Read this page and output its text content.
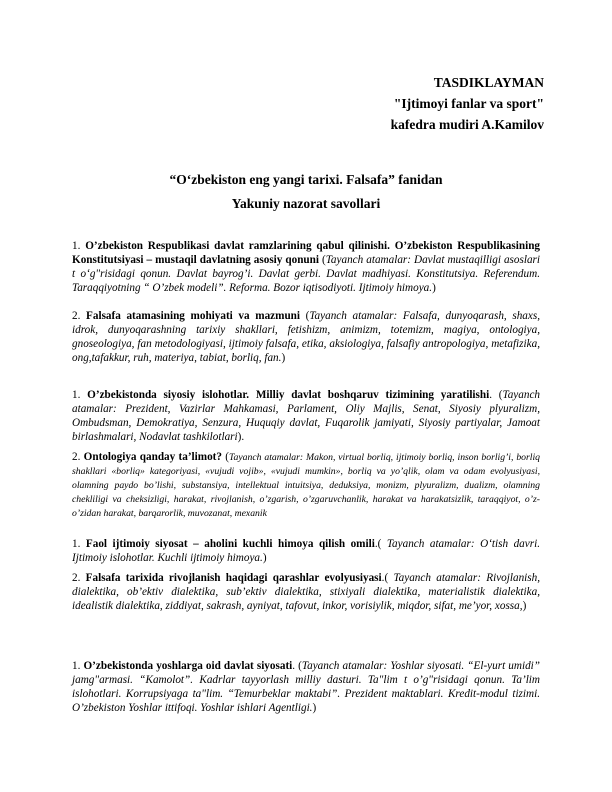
TASDIKLAYMAN
"Ijtimoyi fanlar va sport"
kafedra mudiri A.Kamilov
“O‘zbekiston eng yangi tarixi. Falsafa” fanidan
Yakuniy nazorat savollari
1. O’zbekiston Respublikasi davlat ramzlarining qabul qilinishi. O’zbekiston Respublikasining Konstitutsiyasi – mustaqil davlatning asosiy qonuni (Tayanch atamalar: Davlat mustaqilligi asoslari t o‘g"risidagi qonun. Davlat bayrog’i. Davlat gerbi. Davlat madhiyasi. Konstitutsiya. Referendum. Taraqqiyotning “ O’zbek modeli”. Reforma. Bozor iqtisodiyoti. Ijtimoiy himoya.)
2. Falsafa atamasining mohiyati va mazmuni (Tayanch atamalar: Falsafa, dunyoqarash, shaxs, idrok, dunyoqarashning tarixiy shakllari, fetishizm, animizm, totemizm, magiya, ontologiya, gnoseologiya, fan metodologiyasi, ijtimoiy falsafa, etika, aksiologiya, falsafiy antropologiya, metafizika, ong,tafakkur, ruh, materiya, tabiat, borliq, fan.)
1. O’zbekistonda siyosiy islohotlar. Milliy davlat boshqaruv tizimining yaratilishi. (Tayanch atamalar: Prezident, Vazirlar Mahkamasi, Parlament, Oliy Majlis, Senat, Siyosiy plyuralizm, Ombudsman, Demokratiya, Senzura, Huquqiy davlat, Fuqarolik jamiyati, Siyosiy partiyalar, Jamoat birlashmalari, Nodavlat tashkilotlari).
2. Ontologiya qanday ta’limot? (Tayanch atamalar: Makon, virtual borliq, ijtimoiy borliq, inson borlig’i, borliq shakllari «borliq» kategoriyasi, «vujudi vojib», «vujudi mumkin», borliq va yo’qlik, olam va odam evolyusiyasi, olamning paydo bo’lishi, substansiya, intellektual intuitsiya, deduksiya, monizm, plyuralizm, dualizm, olamning cheklіligi va cheksizligi, harakat, rivojlanish, o’zgarish, o’zgaruvchanlik, harakat va harakatsizlik, taraqqiyot, o’z-o’zidan harakat, barqarorlik, muvozanat, mexanik
1. Faol ijtimoiy siyosat – aholini kuchli himoya qilish omili.( Tayanch atamalar: O‘tish davri. Ijtimoiy islohotlar. Kuchli ijtimoiy himoya.)
2. Falsafa tarixida rivojlanish haqidagi qarashlar evolyusiyasi.( Tayanch atamalar: Rivojlanish, dialektika, ob’ektiv dialektika, sub’ektiv dialektika, stixiyali dialektika, materialistik dialektika, idealistik dialektika, ziddiyat, sakrash, ayniyat, tafovut, inkor, vorisiylik, miqdor, sifat, me’yor, xossa,)
1. O’zbekistonda yoshlarga oid davlat siyosati. (Tayanch atamalar: Yoshlar siyosati. “El-yurt umidi” jamg"armasi. “Kamolot”. Kadrlar tayyorlash milliy dasturi. Ta"lim t o’g"risidagi qonun. Ta’lim islohotlari. Korrupsiyaga ta"lim. “Temurbeklar maktabi”. Prezident maktablari. Kredit-modul tizimi. O’zbekiston Yoshlar ittifoqi. Yoshlar ishlari Agentligi.)
